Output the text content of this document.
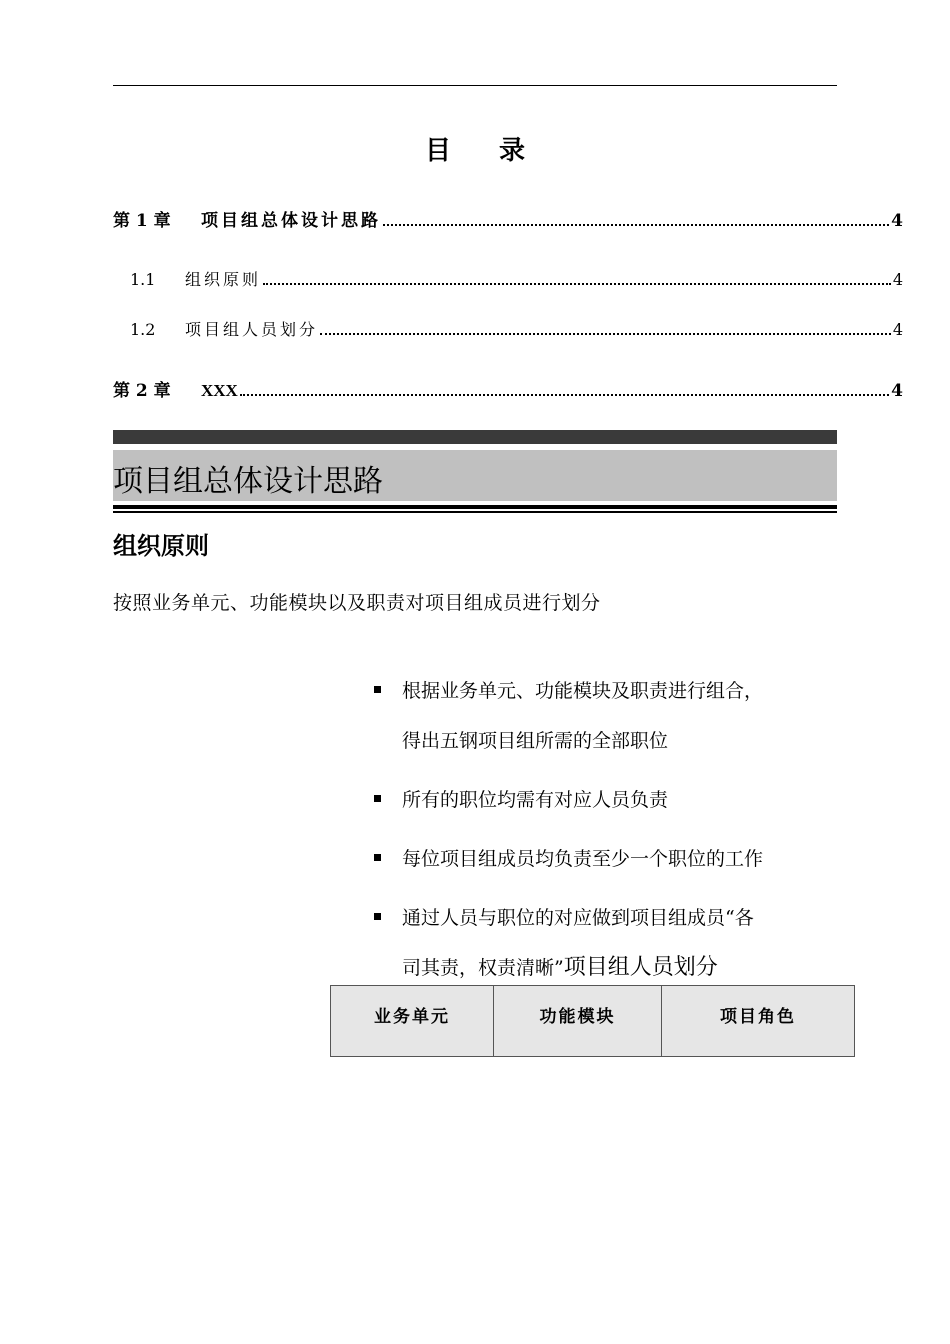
目 录
第 1 章	项目组总体设计思路	4
1.1	组织原则	4
1.2	项目组人员划分	4
第 2 章	XXX	4
项目组总体设计思路
组织原则
按照业务单元、功能模块以及职责对项目组成员进行划分
根据业务单元、功能模块及职责进行组合，
得出五钢项目组所需的全部职位
所有的职位均需有对应人员负责
每位项目组成员均负责至少一个职位的工作
通过人员与职位的对应做到项目组成员“各
司其责，权责清晰”项目组人员划分
业务单元	功能模块	项目角色
